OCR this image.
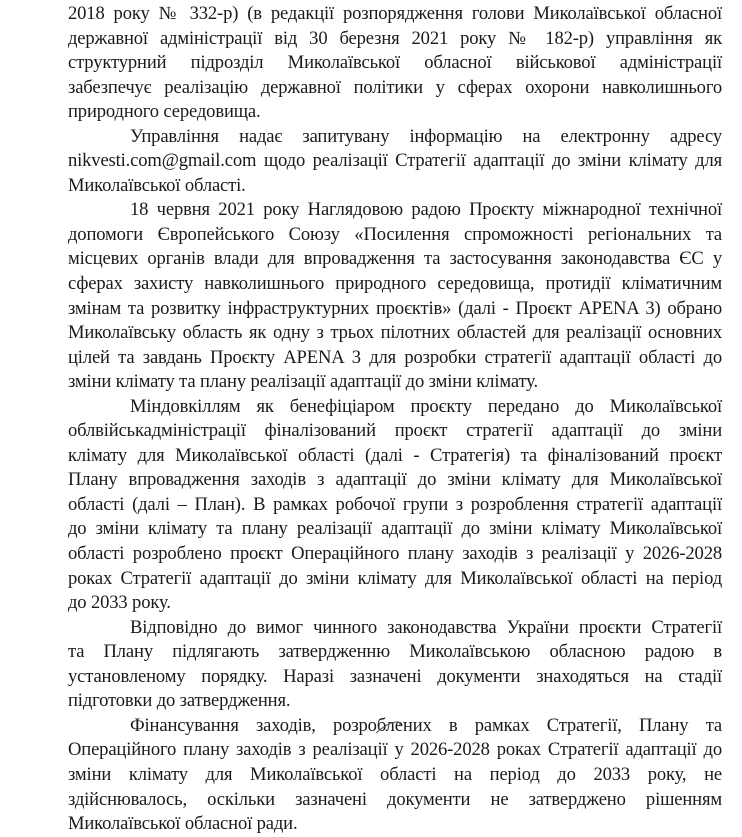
2018 року № 332-р) (в редакції розпорядження голови Миколаївської обласної
державної адміністрації від 30 березня 2021 року № 182-р) управління як
структурний підрозділ Миколаївської обласної військової адміністрації
забезпечує реалізацію державної політики у сферах охорони навколишнього
природного середовища.
Управління надає запитувану інформацію на електронну адресу
nikvesti.com@gmail.com щодо реалізації Стратегії адаптації до зміни клімату для
Миколаївської області.
18 червня 2021 року Наглядовою радою Проєкту міжнародної технічної
допомоги Європейського Союзу «Посилення спроможності регіональних та
місцевих органів влади для впровадження та застосування законодавства ЄС у
сферах захисту навколишнього природного середовища, протидії кліматичним
змінам та розвитку інфраструктурних проєктів» (далі - Проєкт APENA 3) обрано
Миколаївську область як одну з трьох пілотних областей для реалізації основних
цілей та завдань Проєкту APENA 3 для розробки стратегії адаптації області до
зміни клімату та плану реалізації адаптації до зміни клімату.
Міндовкіллям як бенефіціаром проєкту передано до Миколаївської
облвійськадміністрації фіналізований проєкт стратегії адаптації до зміни
клімату для Миколаївської області (далі - Стратегія) та фіналізований проєкт
Плану впровадження заходів з адаптації до зміни клімату для Миколаївської
області (далі – План). В рамках робочої групи з розроблення стратегії адаптації
до зміни клімату та плану реалізації адаптації до зміни клімату Миколаївської
області розроблено проєкт Операційного плану заходів з реалізації у 2026-2028
роках Стратегії адаптації до зміни клімату для Миколаївської області на період
до 2033 року.
Відповідно до вимог чинного законодавства України проєкти Стратегії
та Плану підлягають затвердженню Миколаївською обласною радою в
установленому порядку. Наразі зазначені документи знаходяться на стадії
підготовки до затвердження.
Фінансування заходів, розроблених в рамках Стратегії, Плану та
Операційного плану заходів з реалізації у 2026-2028 роках Стратегії адаптації до
зміни клімату для Миколаївської області на період до 2033 року, не
здійснювалось, оскільки зазначені документи не затверджено рішенням
Миколаївської обласної ради.
